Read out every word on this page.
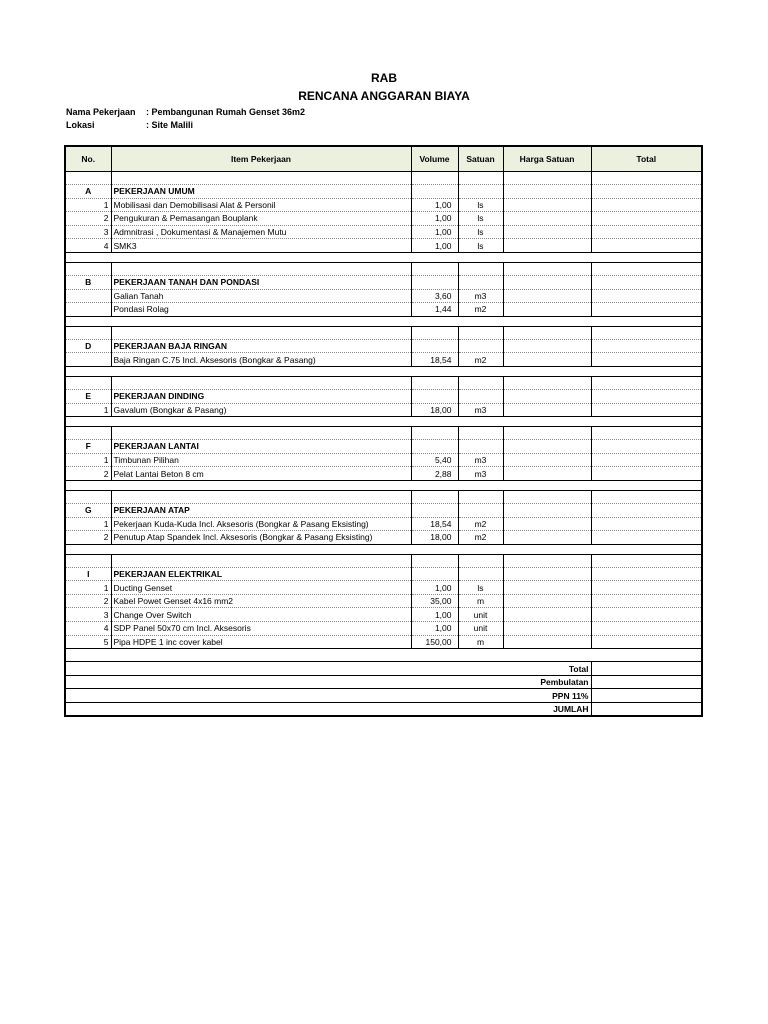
RAB
RENCANA ANGGARAN BIAYA
Nama Pekerjaan : Pembangunan Rumah Genset 36m2
Lokasi	: Site Malili
No.	Item Pekerjaan	Volume	Satuan	Harga Satuan	Total

A	PEKERJAAN UMUM				
1	Mobilisasi dan Demobilisasi Alat & Personil	1,00	ls		
2	Pengukuran & Pemasangan Bouplank	1,00	ls		
3	Admnitrasi , Dokumentasi & Manajemen Mutu	1,00	ls		
4	SMK3	1,00	ls		

B	PEKERJAAN TANAH DAN PONDASI				
	Galian Tanah	3,60	m3		
	Pondasi Rolag	1,44	m2		

D	PEKERJAAN BAJA RINGAN				
	Baja Ringan C.75 Incl. Aksesoris (Bongkar & Pasang)	18,54	m2		

E	PEKERJAAN DINDING				
1	Gavalum (Bongkar & Pasang)	18,00	m3		

F	PEKERJAAN LANTAI				
1	Timbunan Pilihan	5,40	m3		
2	Pelat Lantai Beton 8 cm	2,88	m3		

G	PEKERJAAN ATAP				
1	Pekerjaan Kuda-Kuda Incl. Aksesoris (Bongkar & Pasang Eksisting)	18,54	m2		
2	Penutup Atap Spandek Incl. Aksesoris (Bongkar & Pasang Eksisting)	18,00	m2		

I	PEKERJAAN ELEKTRIKAL				
1	Ducting Genset	1,00	ls		
2	Kabel Powet Genset 4x16 mm2	35,00	m		
3	Change Over Switch	1,00	unit		
4	SDP Panel 50x70 cm Incl. Aksesoris	1,00	unit		
5	Pipa HDPE 1 inc cover kabel	150,00	m		

Total					
Pembulatan					
PPN 11%					
JUMLAH					
